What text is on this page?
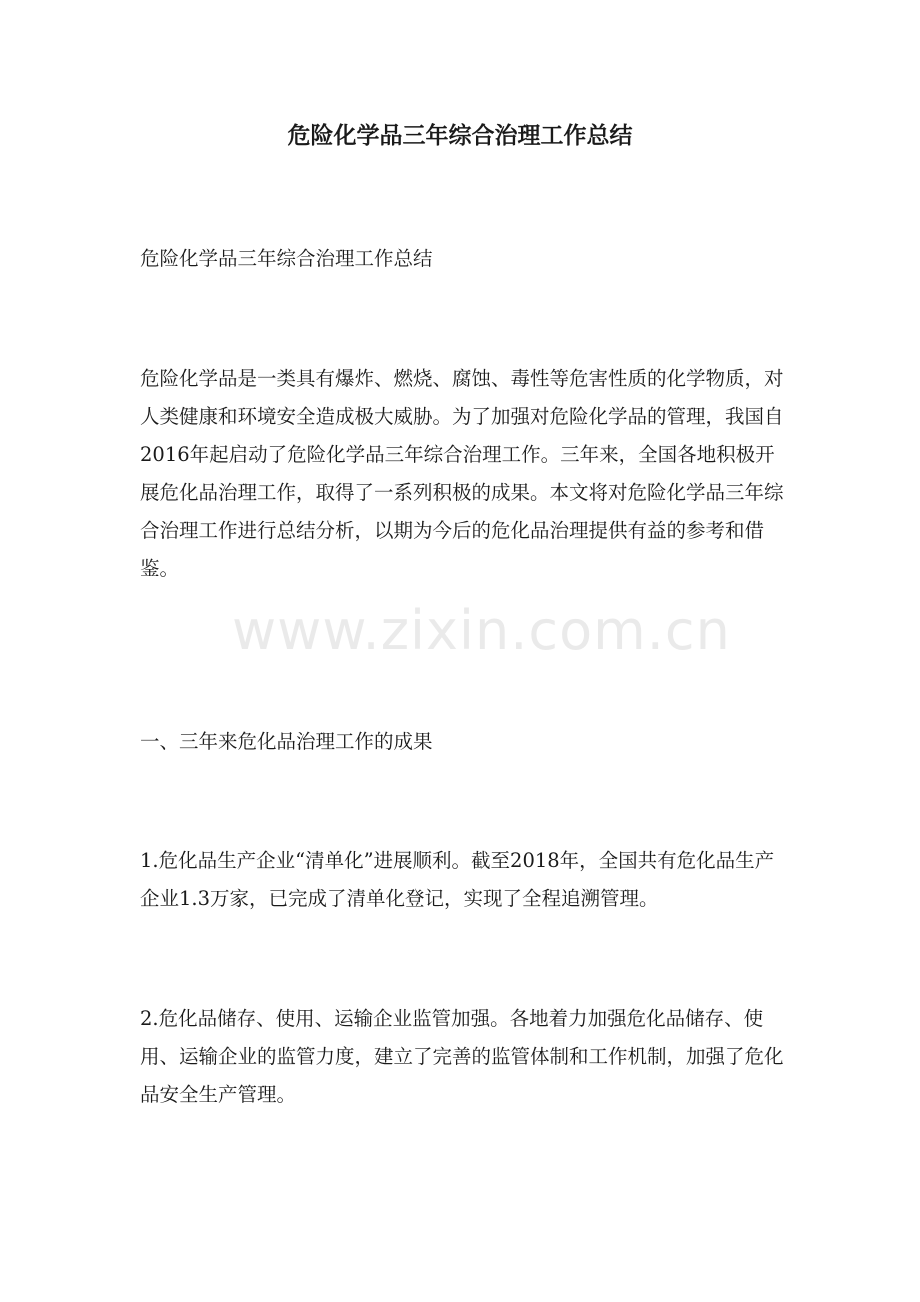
危险化学品三年综合治理工作总结

危险化学品三年综合治理工作总结

危险化学品是一类具有爆炸、燃烧、腐蚀、毒性等危害性质的化学物质，对人类健康和环境安全造成极大威胁。为了加强对危险化学品的管理，我国自2016年起启动了危险化学品三年综合治理工作。三年来，全国各地积极开展危化品治理工作，取得了一系列积极的成果。本文将对危险化学品三年综合治理工作进行总结分析，以期为今后的危化品治理提供有益的参考和借鉴。

www.zixin.com.cn

一、三年来危化品治理工作的成果

1.危化品生产企业“清单化”进展顺利。截至2018年，全国共有危化品生产企业1.3万家，已完成了清单化登记，实现了全程追溯管理。

2.危化品储存、使用、运输企业监管加强。各地着力加强危化品储存、使用、运输企业的监管力度，建立了完善的监管体制和工作机制，加强了危化品安全生产管理。
